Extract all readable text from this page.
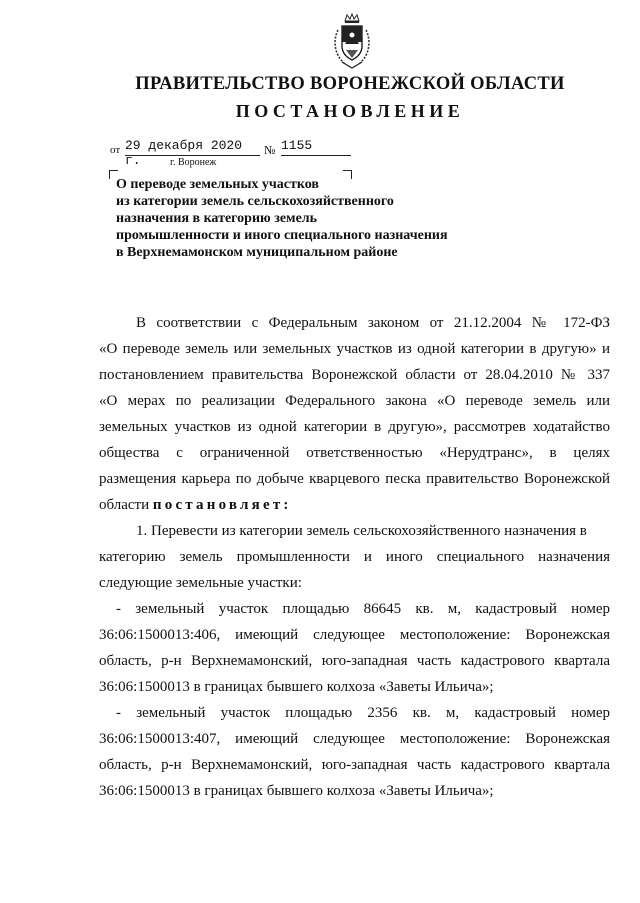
ПРАВИТЕЛЬСТВО ВОРОНЕЖСКОЙ ОБЛАСТИ
ПОСТАНОВЛЕНИЕ
от 29 декабря 2020 г.
№ 1155
г. Воронеж
О переводе земельных участков
из категории земель сельскохозяйственного
назначения в категорию земель
промышленности и иного специального назначения
в Верхнемамонском муниципальном районе
В соответствии с Федеральным законом от 21.12.2004 № 172-ФЗ
«О переводе земель или земельных участков из одной категории в другую» и
постановлением правительства Воронежской области от 28.04.2010 № 337
«О мерах по реализации Федерального закона «О переводе земель или
земельных участков из одной категории в другую», рассмотрев ходатайство
общества с ограниченной ответственностью «Нерудтранс», в целях
размещения карьера по добыче кварцевого песка правительство Воронежской
области постановляет:
1. Перевести из категории земель сельскохозяйственного назначения в
категорию земель промышленности и иного специального назначения
следующие земельные участки:
- земельный участок площадью 86645 кв. м, кадастровый номер
36:06:1500013:406, имеющий следующее местоположение: Воронежская
область, р-н Верхнемамонский, юго-западная часть кадастрового квартала
36:06:1500013 в границах бывшего колхоза «Заветы Ильича»;
- земельный участок площадью 2356 кв. м, кадастровый номер
36:06:1500013:407, имеющий следующее местоположение: Воронежская
область, р-н Верхнемамонский, юго-западная часть кадастрового квартала
36:06:1500013 в границах бывшего колхоза «Заветы Ильича»;
